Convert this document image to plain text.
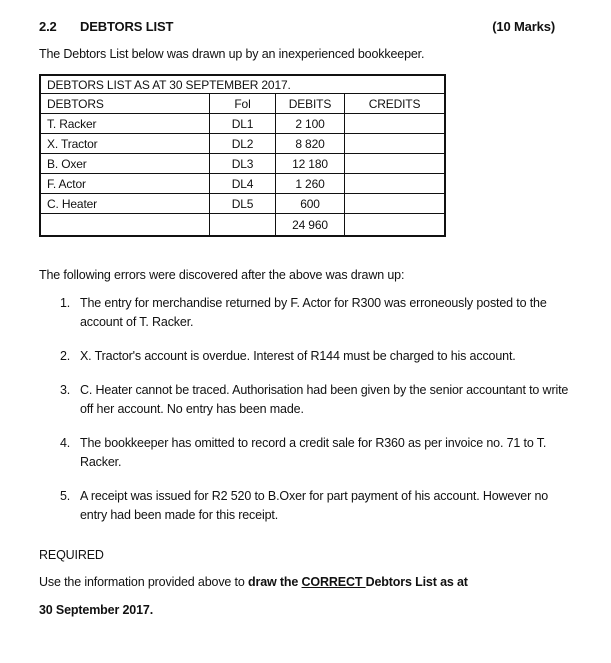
2.2 DEBTORS LIST	(10 Marks)
The Debtors List below was drawn up by an inexperienced bookkeeper.
DEBTORS LIST AS AT 30 SEPTEMBER 2017.			
DEBTORS	Fol	DEBITS	CREDITS
T. Racker	DL1	2 100	
X. Tractor	DL2	8 820	
B. Oxer	DL3	12 180	
F. Actor	DL4	1 260	
C. Heater	DL5	600	
		24 960	
The following errors were discovered after the above was drawn up:
1. The entry for merchandise returned by F. Actor for R300 was erroneously posted to the account of T. Racker.
2. X. Tractor's account is overdue. Interest of R144 must be charged to his account.
3. C. Heater cannot be traced. Authorisation had been given by the senior accountant to write off her account. No entry has been made.
4. The bookkeeper has omitted to record a credit sale for R360 as per invoice no. 71 to T. Racker.
5. A receipt was issued for R2 520 to B.Oxer for part payment of his account. However no entry had been made for this receipt.
REQUIRED
Use the information provided above to draw the CORRECT Debtors List as at
30 September 2017.
